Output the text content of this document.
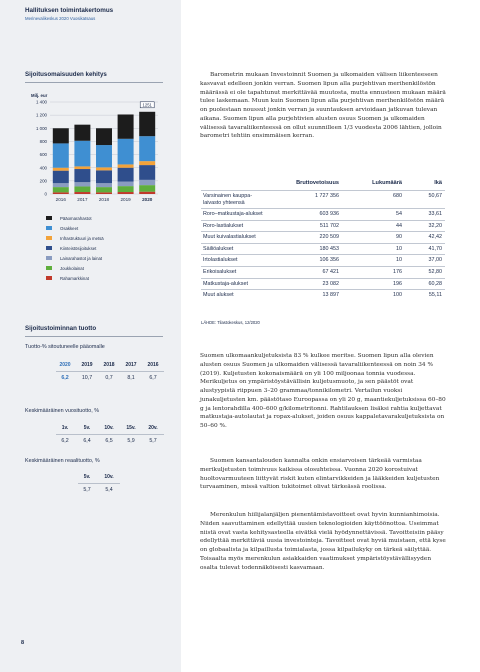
Hallituksen toimintakertomus
Merinevalikeskus 2020 Vuosikatsaus
Sijoitusomaisuuden kehitys
Milj. eur
0
200
400
600
800
1 000
1 200
1 400
2016 2017 2018 2019 2020
1251
Pääomarahastot
Osakkeet
Infrastruktuuri ja metsä
Kiinteistösijoitukset
Lainarahastot ja lainat
Joukkolainat
Rahamarkkinat
Sijoitustoiminnan tuotto
Tuotto-% sitoutuneelle pääomalle
2020	2019	2018	2017	2016
6,2	10,7	0,7	8,1	6,7
Keskimääräinen vuosituotto, %
1v.	5v.	10v.	15v.	20v.
6,2	6,4	6,5	5,9	5,7
Keskimääräinen reaalituotto, %
5v.	10v.
5,7	5,4
8

Barometrin mukaan Investoinnit Suomen ja ulkomaiden välisen liikenteeseen kasvavat edelleen jonkin verran. Suomen lipun alla purjehtivan merihenkilöstön määrässä ei ole tapahtunut merkittävää muutosta, mutta ennusteen mukaan määrä tulee laskemaan. Muun kuin Suomen lipun alla purjehtivan merihenkilöstön määrä on puolestaan noussut jonkin verran ja suuntauksen arvioidaan jatkuvan tulevan aikana. Suomen lipun alla purjehtivien alusten osuus Suomen ja ulkomaiden välisessä tavaraliikenteessä on ollut suunnilleen 1/3 vuodesta 2006 lähtien, jolloin barometri tehtiin ensimmäisen kerran.

Bruttovetoisuus	Lukumäärä	Ikä
Varsinainen kauppa-
laivasto yhteensä
1 727 356	680	50,67
Roro–matkustaja-alukset	603 936	54	33,61
Roro-lastialukset	511 702	44	32,20
Muut kuivalastialukset	220 509	90	42,42
Säiliöalukset	180 453	10	41,70
Irtolastialukset	106 356	10	37,00
Erikoisalukset	67 421	176	52,80
Matkustaja-alukset	23 082	196	60,28
Muut alukset	13 897	100	55,11
LÄHDE: Tilastokeskus, 12/2020

Suomen ulkomaankuljetuksista 83 % kulkee meritse. Suomen lipun alla olevien alusten osuus Suomen ja ulkomaiden välisessä tavaraliikenteessä on noin 34 % (2019). Kuljetusten kokonaismäärä on yli 100 miljoonaa tonnia vuodessa. Merikuljetus on ympäristöystävällisin kuljetusmuoto, ja sen päästöt ovat alustyypistä riippuen 3–20 grammaa/tonnikilometri. Vertailun vuoksi junakuljetusten km. päästötaso Euroopassa on yli 20 g, maantiekuljetuksissa 60–80 g ja lentorahdilla 400–600 g/kilometritonni. Rahtilauksen lisäksi rahtia kuljettavat matkustaja-autolautat ja ropax-alukset, joiden osuus kappaletavarakuljetuksista on 50–60 %.

Suomen kansantalouden kannalta onkin ensiarvoisen tärkeää varmistaa merikuljetusten toimivuus kaikissa olosuhteissa. Vuonna 2020 korostuivat huoltovarmuuteen liittyvät riskit kuten elintarvikkeiden ja lääkkeiden kuljetusten turvaaminen, missä valtion tukitoimet olivat tärkeässä roolissa.

Merenkulun hiilijalanjäljen pienentämistavoitteet ovat hyvin kunnianhimoisia. Niiden saavuttaminen edellyttää uusien teknologioiden käyttöönottoa. Useimmat niistä ovat vasta kehitysasteella eivätkä vielä hyödynnettävissä. Tavoitteisiin pääsy edellyttää merkittäviä uusia investointeja. Tavoitteet ovat hyviä muistaen, että kyse on globaalista ja kilpaillusta toimialasta, jossa kilpailukyky on tärkeä säilyttää. Toisaalta myös merenkulun asiakkaiden vaatimukset ympäristöystävällisyyden osalta tulevat todennäköisesti kasvamaan.
